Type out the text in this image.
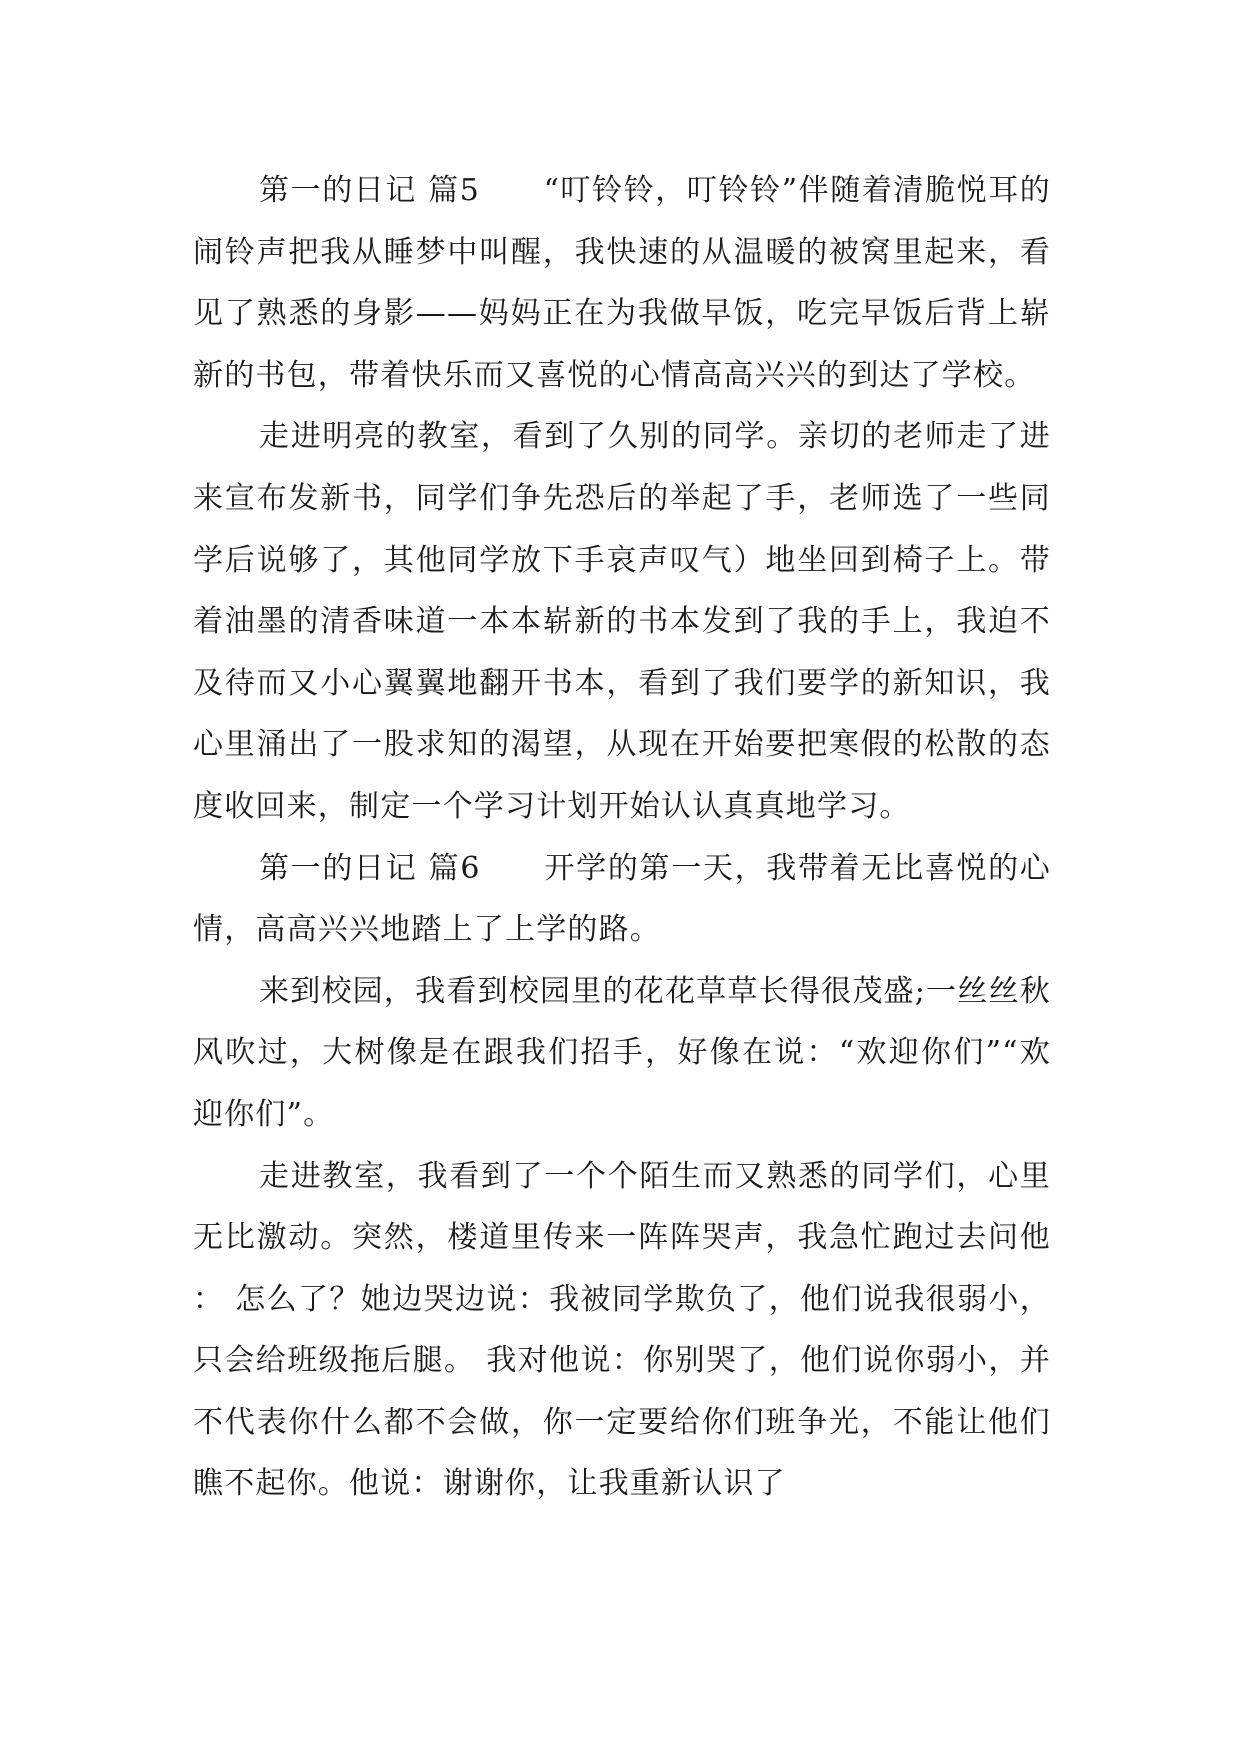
第一的日记 篇5　　“叮铃铃，叮铃铃”伴随着清脆悦耳的闹铃声把我从睡梦中叫醒，我快速的从温暖的被窝里起来，看见了熟悉的身影——妈妈正在为我做早饭，吃完早饭后背上崭新的书包，带着快乐而又喜悦的心情高高兴兴的到达了学校。

走进明亮的教室，看到了久别的同学。亲切的老师走了进来宣布发新书，同学们争先恐后的举起了手，老师选了一些同学后说够了，其他同学放下手哀声叹气）地坐回到椅子上。带着油墨的清香味道一本本崭新的书本发到了我的手上，我迫不及待而又小心翼翼地翻开书本，看到了我们要学的新知识，我心里涌出了一股求知的渴望，从现在开始要把寒假的松散的态度收回来，制定一个学习计划开始认认真真地学习。

第一的日记 篇6　　开学的第一天，我带着无比喜悦的心情，高高兴兴地踏上了上学的路。

来到校园，我看到校园里的花花草草长得很茂盛;一丝丝秋风吹过，大树像是在跟我们招手，好像在说：“欢迎你们”“欢迎你们”。

走进教室，我看到了一个个陌生而又熟悉的同学们，心里无比激动。突然，楼道里传来一阵阵哭声，我急忙跑过去问他： 怎么了？她边哭边说：我被同学欺负了，他们说我很弱小，只会给班级拖后腿。 我对他说：你别哭了，他们说你弱小，并不代表你什么都不会做，你一定要给你们班争光，不能让他们瞧不起你。他说：谢谢你，让我重新认识了
